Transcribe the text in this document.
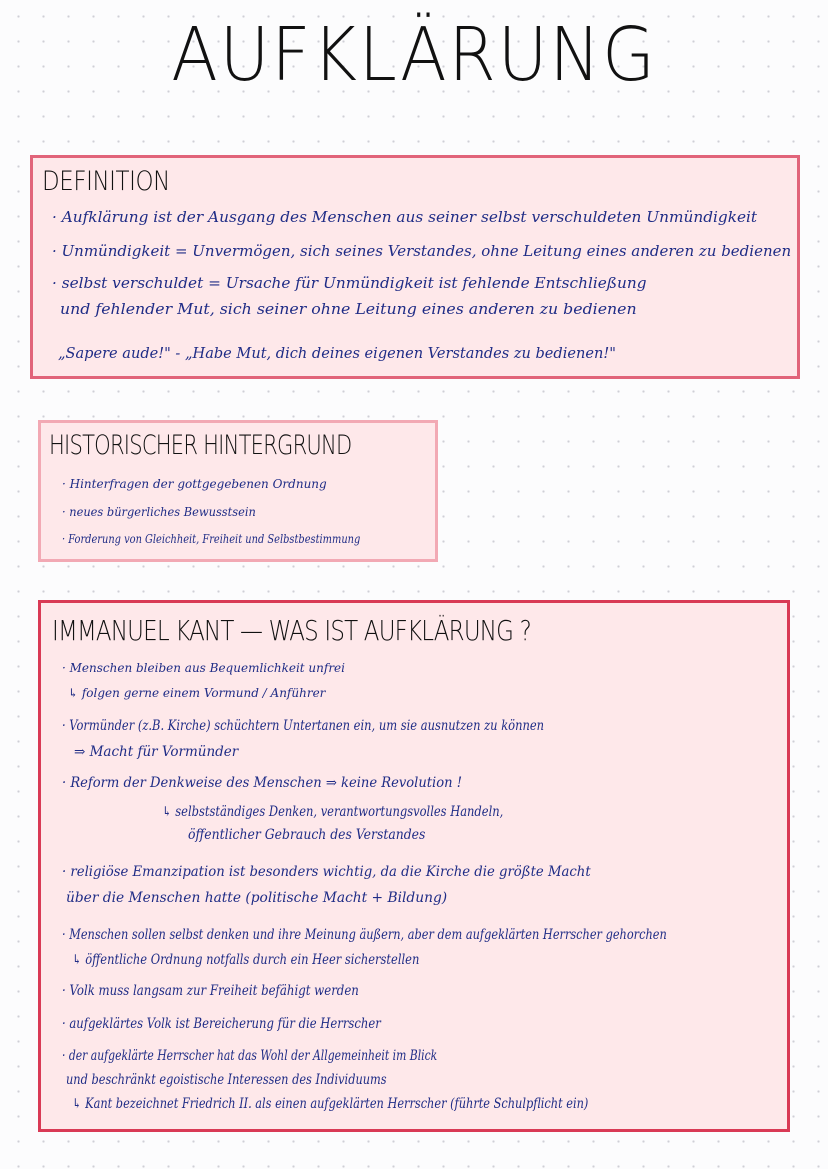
AUFKLÄRUNG
DEFINITION
· Aufklärung ist der Ausgang des Menschen aus seiner selbst verschuldeten Unmündigkeit
· Unmündigkeit = Unvermögen, sich seines Verstandes, ohne Leitung eines anderen zu bedienen
· selbst verschuldet = Ursache für Unmündigkeit ist fehlende Entschließung
und fehlender Mut, sich seiner ohne Leitung eines anderen zu bedienen
„Sapere aude!" - „Habe Mut, dich deines eigenen Verstandes zu bedienen!"
HISTORISCHER HINTERGRUND
· Hinterfragen der gottgegebenen Ordnung
· neues bürgerliches Bewusstsein
· Forderung von Gleichheit, Freiheit und Selbstbestimmung
IMMANUEL KANT — WAS IST AUFKLÄRUNG ?
· Menschen bleiben aus Bequemlichkeit unfrei
↳ folgen gerne einem Vormund / Anführer
· Vormünder (z.B. Kirche) schüchtern Untertanen ein, um sie ausnutzen zu können
⇒ Macht für Vormünder
· Reform der Denkweise des Menschen ⇒ keine Revolution !
↳ selbstständiges Denken, verantwortungsvolles Handeln,
öffentlicher Gebrauch des Verstandes
· religiöse Emanzipation ist besonders wichtig, da die Kirche die größte Macht
über die Menschen hatte (politische Macht + Bildung)
· Menschen sollen selbst denken und ihre Meinung äußern, aber dem aufgeklärten Herrscher gehorchen
↳ öffentliche Ordnung notfalls durch ein Heer sicherstellen
· Volk muss langsam zur Freiheit befähigt werden
· aufgeklärtes Volk ist Bereicherung für die Herrscher
· der aufgeklärte Herrscher hat das Wohl der Allgemeinheit im Blick
und beschränkt egoistische Interessen des Individuums
↳ Kant bezeichnet Friedrich II. als einen aufgeklärten Herrscher (führte Schulpflicht ein)
